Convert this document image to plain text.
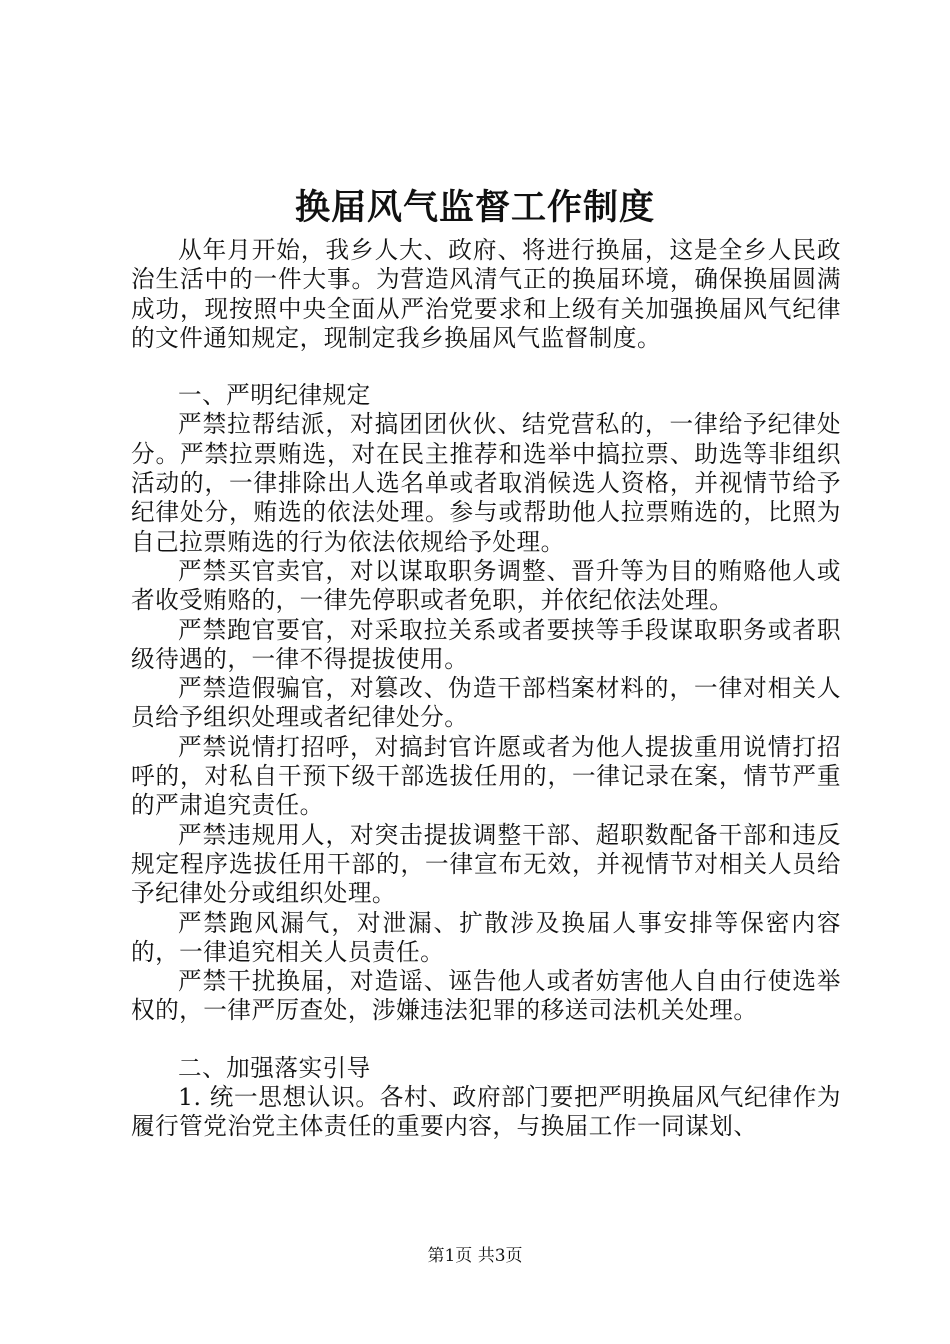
换届风气监督工作制度

从年月开始，我乡人大、政府、将进行换届，这是全乡人民政治生活中的一件大事。为营造风清气正的换届环境，确保换届圆满成功，现按照中央全面从严治党要求和上级有关加强换届风气纪律的文件通知规定，现制定我乡换届风气监督制度。

一、严明纪律规定

严禁拉帮结派，对搞团团伙伙、结党营私的，一律给予纪律处分。严禁拉票贿选，对在民主推荐和选举中搞拉票、助选等非组织活动的，一律排除出人选名单或者取消候选人资格，并视情节给予纪律处分，贿选的依法处理。参与或帮助他人拉票贿选的，比照为自己拉票贿选的行为依法依规给予处理。

严禁买官卖官，对以谋取职务调整、晋升等为目的贿赂他人或者收受贿赂的，一律先停职或者免职，并依纪依法处理。

严禁跑官要官，对采取拉关系或者要挟等手段谋取职务或者职级待遇的，一律不得提拔使用。

严禁造假骗官，对篡改、伪造干部档案材料的，一律对相关人员给予组织处理或者纪律处分。

严禁说情打招呼，对搞封官许愿或者为他人提拔重用说情打招呼的，对私自干预下级干部选拔任用的，一律记录在案，情节严重的严肃追究责任。

严禁违规用人，对突击提拔调整干部、超职数配备干部和违反规定程序选拔任用干部的，一律宣布无效，并视情节对相关人员给予纪律处分或组织处理。

严禁跑风漏气，对泄漏、扩散涉及换届人事安排等保密内容的，一律追究相关人员责任。

严禁干扰换届，对造谣、诬告他人或者妨害他人自由行使选举权的，一律严厉查处，涉嫌违法犯罪的移送司法机关处理。

二、加强落实引导

1. 统一思想认识。各村、政府部门要把严明换届风气纪律作为履行管党治党主体责任的重要内容，与换届工作一同谋划、

第1页 共3页
